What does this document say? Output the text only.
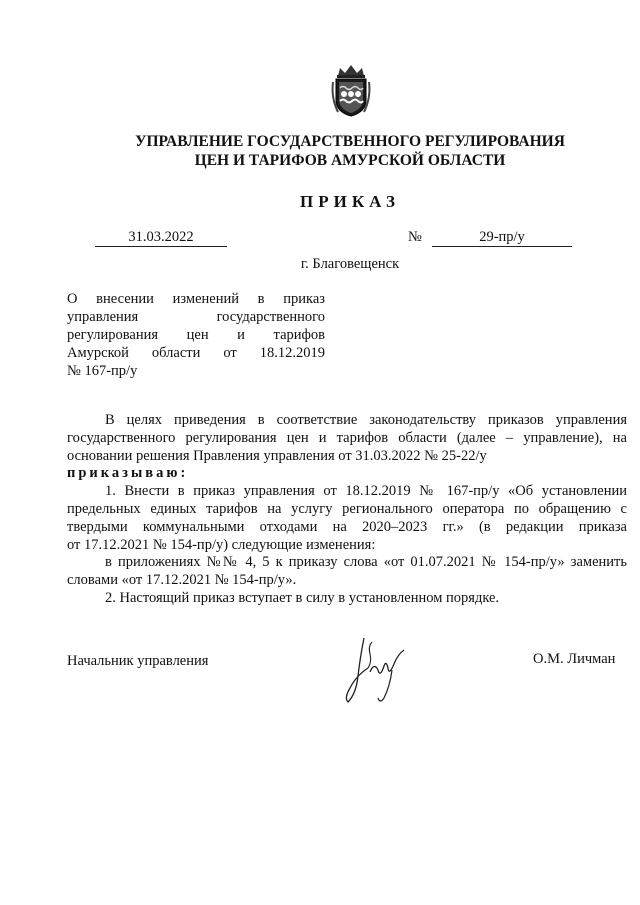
УПРАВЛЕНИЕ ГОСУДАРСТВЕННОГО РЕГУЛИРОВАНИЯ
ЦЕН И ТАРИФОВ АМУРСКОЙ ОБЛАСТИ
ПРИКАЗ
31.03.2022	№	29-пр/у
г. Благовещенск
О внесении изменений в приказ
управления государственного
регулирования цен и тарифов
Амурской области от 18.12.2019
№ 167-пр/у
В целях приведения в соответствие законодательству приказов управления
государственного регулирования цен и тарифов области (далее – управление), на
основании решения Правления управления от 31.03.2022 № 25-22/у
приказываю:
1. Внести в приказ управления от 18.12.2019 № 167-пр/у «Об установлении
предельных единых тарифов на услугу регионального оператора по обращению с
твердыми коммунальными отходами на 2020–2023 гг.» (в редакции приказа
от 17.12.2021 № 154-пр/у) следующие изменения:
в приложениях №№ 4, 5 к приказу слова «от 01.07.2021 № 154-пр/у» заменить
словами «от 17.12.2021 № 154-пр/у».
2. Настоящий приказ вступает в силу в установленном порядке.
Начальник управления	О.М. Личман
